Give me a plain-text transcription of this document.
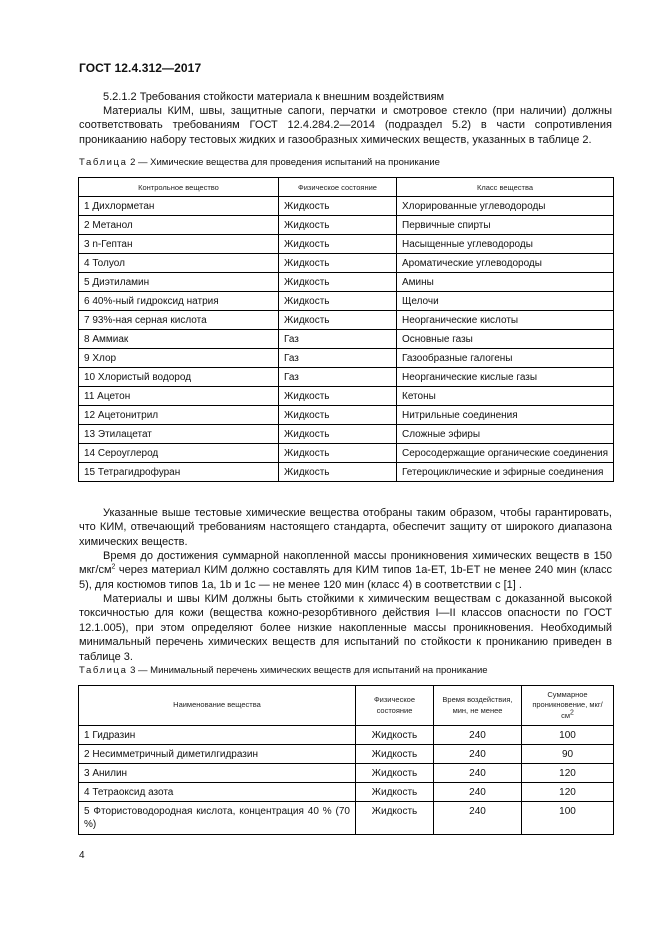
ГОСТ 12.4.312—2017
5.2.1.2 Требования стойкости материала к внешним воздействиям
Материалы КИМ, швы, защитные сапоги, перчатки и смотровое стекло (при наличии) должны соответствовать требованиям ГОСТ 12.4.284.2—2014 (подраздел 5.2) в части сопротивления проникаанию набору тестовых жидких и газообразных химических веществ, указанных в таблице 2.
Таблица 2 — Химические вещества для проведения испытаний на проникание
Контрольное вещество	Физическое состояние	Класс вещества
1 Дихлорметан	Жидкость	Хлорированные углеводороды
2 Метанол	Жидкость	Первичные спирты
3 n-Гептан	Жидкость	Насыщенные углеводороды
4 Толуол	Жидкость	Ароматические углеводороды
5 Диэтиламин	Жидкость	Амины
6 40%-ный гидроксид натрия	Жидкость	Щелочи
7 93%-ная серная кислота	Жидкость	Неорганические кислоты
8 Аммиак	Газ	Основные газы
9 Хлор	Газ	Газообразные галогены
10 Хлористый водород	Газ	Неорганические кислые газы
11 Ацетон	Жидкость	Кетоны
12 Ацетонитрил	Жидкость	Нитрильные соединения
13 Этилацетат	Жидкость	Сложные эфиры
14 Сероуглерод	Жидкость	Серосодержащие органические соединения
15 Тетрагидрофуран	Жидкость	Гетероциклические и эфирные соединения
Указанные выше тестовые химические вещества отобраны таким образом, чтобы гарантировать, что КИМ, отвечающий требованиям настоящего стандарта, обеспечит защиту от широкого диапазона химических веществ.
Время до достижения суммарной накопленной массы проникновения химических веществ в 150 мкг/$см^2$ через материал КИМ должно составлять для КИМ типов 1а-ЕТ, 1b-ET не менее 240 мин (класс 5), для костюмов типов 1а, 1b и 1с — не менее 120 мин (класс 4) в соответствии с [1] .
Материалы и швы КИМ должны быть стойкими к химическим веществам с доказанной высокой токсичностью для кожи (вещества кожно-резорбтивного действия I—II классов опасности по ГОСТ 12.1.005), при этом определяют более низкие накопленные массы проникновения. Необходимый минимальный перечень химических веществ для испытаний по стойкости к прониканию приведен в таблице 3.
Таблица 3 — Минимальный перечень химических веществ для испытаний на проникание
Наименование вещества	Физическое состояние	Время воздействия, мин, не менее	Суммарное проникновение, мкг/$см^2$
1 Гидразин	Жидкость	240	100
2 Несимметричный диметилгидразин	Жидкость	240	90
3 Анилин	Жидкость	240	120
4 Тетраоксид азота	Жидкость	240	120
5 Фтористоводородная кислота, концентрация 40 % (70 %)	Жидкость	240	100
4
